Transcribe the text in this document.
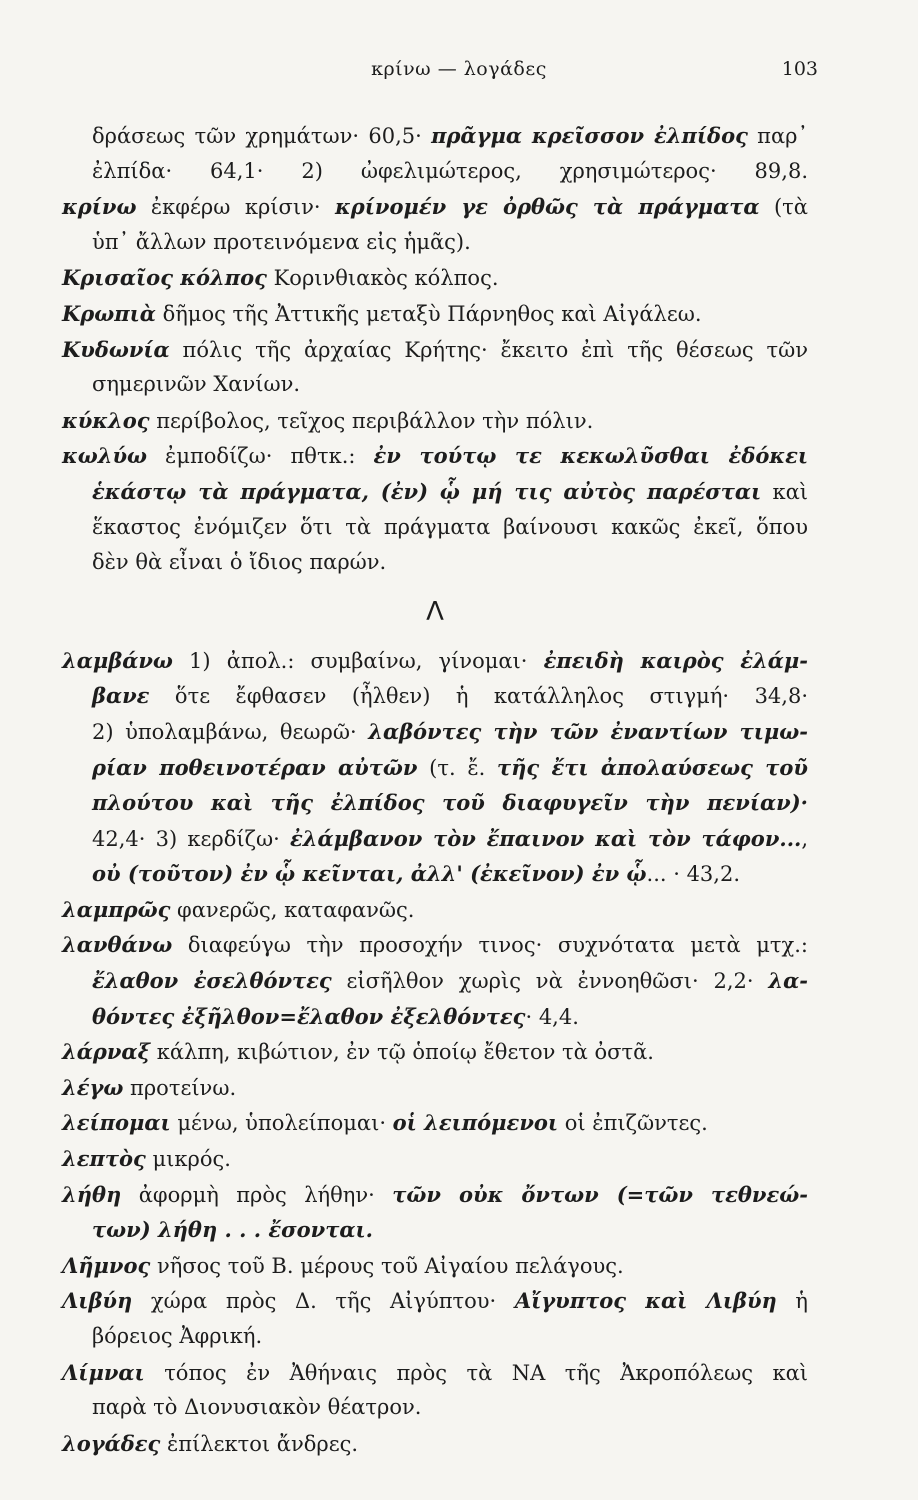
κρίνω — λογάδες	103
δράσεως τῶν χρημάτων· 60,5· πρᾶγμα κρεῖσσον ἐλπίδος παρ᾿
ἐλπίδα· 64,1· 2) ὠφελιμώτερος, χρησιμώτερος· 89,8.
κρίνω ἐκφέρω κρίσιν· κρίνομέν γε ὀρθῶς τὰ πράγματα (τὰ
ὑπ᾿ ἄλλων προτεινόμενα εἰς ἡμᾶς).
Κρισαῖος κόλπος Κορινθιακὸς κόλπος.
Κρωπιὰ δῆμος τῆς Ἀττικῆς μεταξὺ Πάρνηθος καὶ Αἰγάλεω.
Κυδωνία πόλις τῆς ἀρχαίας Κρήτης· ἔκειτο ἐπὶ τῆς θέσεως τῶν
σημερινῶν Χανίων.
κύκλος περίβολος, τεῖχος περιβάλλον τὴν πόλιν.
κωλύω ἐμποδίζω· πθτκ.: ἐν τούτῳ τε κεκωλῦσθαι ἐδόκει
ἑκάστῳ τὰ πράγματα, (ἐν) ᾧ μή τις αὐτὸς παρέσται καὶ
ἕκαστος ἐνόμιζεν ὅτι τὰ πράγματα βαίνουσι κακῶς ἐκεῖ, ὅπου
δὲν θὰ εἶναι ὁ ἴδιος παρών.
Λ
λαμβάνω 1) ἀπολ.: συμβαίνω, γίνομαι· ἐπειδὴ καιρὸς ἐλάμ-
βανε ὅτε ἔφθασεν (ἦλθεν) ἡ κατάλληλος στιγμή· 34,8·
2) ὑπολαμβάνω, θεωρῶ· λαβόντες τὴν τῶν ἐναντίων τιμω-
ρίαν ποθεινοτέραν αὐτῶν (τ. ἔ. τῆς ἔτι ἀπολαύσεως τοῦ
πλούτου καὶ τῆς ἐλπίδος τοῦ διαφυγεῖν τὴν πενίαν)·
42,4· 3) κερδίζω· ἐλάμβανον τὸν ἔπαινον καὶ τὸν τάφον...,
οὐ (τοῦτον) ἐν ᾧ κεῖνται, ἀλλ' (ἐκεῖνον) ἐν ᾧ... · 43,2.
λαμπρῶς φανερῶς, καταφανῶς.
λανθάνω διαφεύγω τὴν προσοχήν τινος· συχνότατα μετὰ μτχ.:
ἔλαθον ἐσελθόντες εἰσῆλθον χωρὶς νὰ ἐννοηθῶσι· 2,2· λα-
θόντες ἐξῆλθον=ἔλαθον ἐξελθόντες· 4,4.
λάρναξ κάλπη, κιβώτιον, ἐν τῷ ὁποίῳ ἔθετον τὰ ὀστᾶ.
λέγω προτείνω.
λείπομαι μένω, ὑπολείπομαι· οἱ λειπόμενοι οἱ ἐπιζῶντες.
λεπτὸς μικρός.
λήθη ἀφορμὴ πρὸς λήθην· τῶν οὐκ ὄντων (=τῶν τεθνεώ-
των) λήθη . . . ἔσονται.
Λῆμνος νῆσος τοῦ Β. μέρους τοῦ Αἰγαίου πελάγους.
Λιβύη χώρα πρὸς Δ. τῆς Αἰγύπτου· Αἴγυπτος καὶ Λιβύη ἡ
βόρειος Ἀφρική.
Λίμναι τόπος ἐν Ἀθήναις πρὸς τὰ ΝΑ τῆς Ἀκροπόλεως καὶ
παρὰ τὸ Διονυσιακὸν θέατρον.
λογάδες ἐπίλεκτοι ἄνδρες.
